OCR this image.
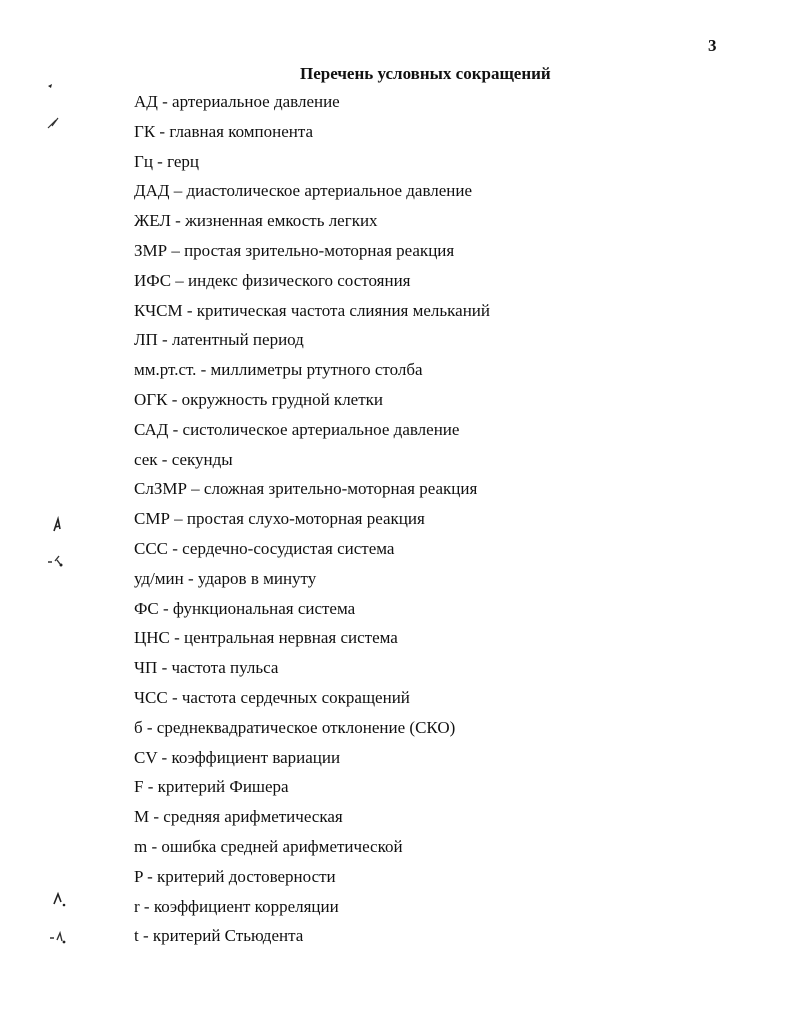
3
Перечень условных сокращений
АД - артериальное давление
ГК - главная компонента
Гц - герц
ДАД – диастолическое артериальное давление
ЖЕЛ - жизненная емкость легких
ЗМР – простая зрительно-моторная реакция
ИФС – индекс физического состояния
КЧСМ - критическая частота слияния мельканий
ЛП - латентный период
мм.рт.ст. - миллиметры ртутного столба
ОГК - окружность грудной клетки
САД - систолическое артериальное давление
сек - секунды
СлЗМР – сложная зрительно-моторная реакция
СМР – простая слухо-моторная реакция
ССС - сердечно-сосудистая система
уд/мин - ударов в минуту
ФС - функциональная система
ЦНС - центральная нервная система
ЧП - частота пульса
ЧСС - частота сердечных сокращений
б - среднеквадратическое отклонение (СКО)
CV - коэффициент вариации
F - критерий Фишера
M - средняя арифметическая
m - ошибка средней арифметической
P - критерий достоверности
r - коэффициент корреляции
t - критерий Стьюдента
